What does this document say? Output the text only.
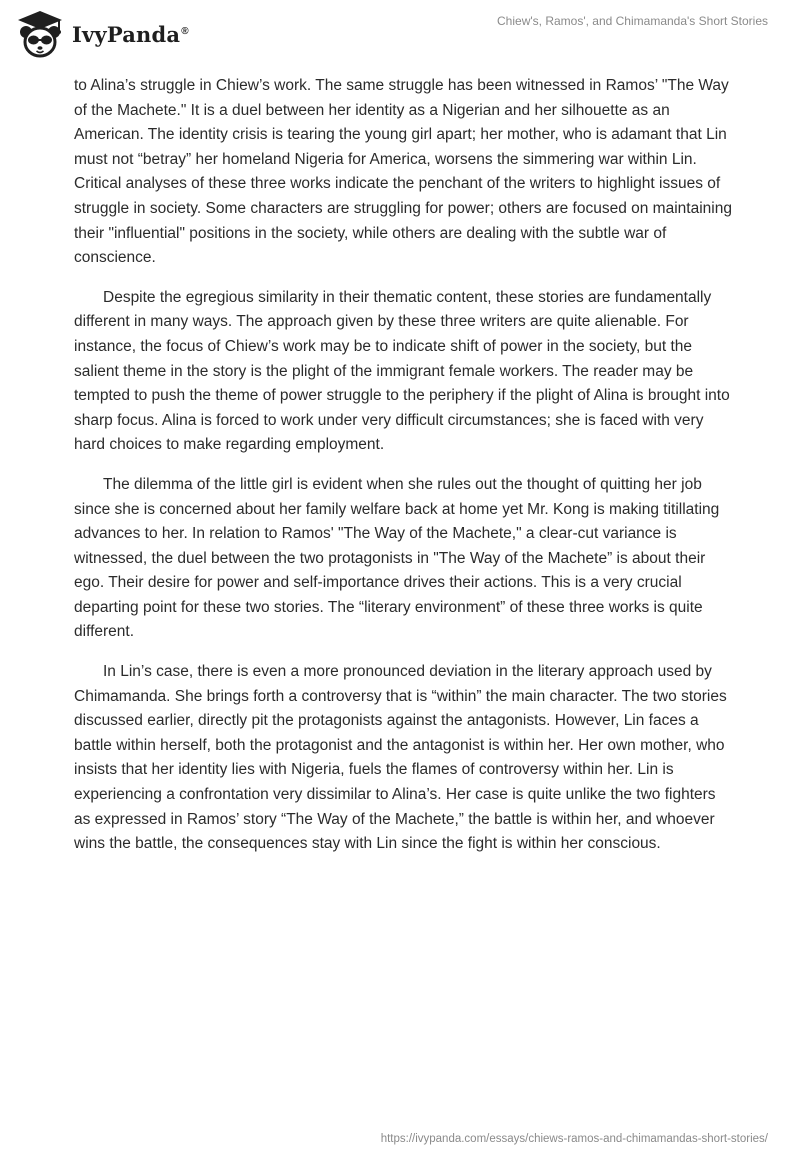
IvyPanda®
Chiew's, Ramos', and Chimamanda's Short Stories

to Alina’s struggle in Chiew’s work. The same struggle has been witnessed in Ramos’ "The Way of the Machete." It is a duel between her identity as a Nigerian and her silhouette as an American. The identity crisis is tearing the young girl apart; her mother, who is adamant that Lin must not “betray” her homeland Nigeria for America, worsens the simmering war within Lin. Critical analyses of these three works indicate the penchant of the writers to highlight issues of struggle in society. Some characters are struggling for power; others are focused on maintaining their "influential" positions in the society, while others are dealing with the subtle war of conscience.

Despite the egregious similarity in their thematic content, these stories are fundamentally different in many ways. The approach given by these three writers are quite alienable. For instance, the focus of Chiew’s work may be to indicate shift of power in the society, but the salient theme in the story is the plight of the immigrant female workers. The reader may be tempted to push the theme of power struggle to the periphery if the plight of Alina is brought into sharp focus. Alina is forced to work under very difficult circumstances; she is faced with very hard choices to make regarding employment.

The dilemma of the little girl is evident when she rules out the thought of quitting her job since she is concerned about her family welfare back at home yet Mr. Kong is making titillating advances to her. In relation to Ramos' "The Way of the Machete," a clear-cut variance is witnessed, the duel between the two protagonists in "The Way of the Machete” is about their ego. Their desire for power and self-importance drives their actions. This is a very crucial departing point for these two stories. The “literary environment” of these three works is quite different.

In Lin’s case, there is even a more pronounced deviation in the literary approach used by Chimamanda. She brings forth a controversy that is “within” the main character. The two stories discussed earlier, directly pit the protagonists against the antagonists. However, Lin faces a battle within herself, both the protagonist and the antagonist is within her. Her own mother, who insists that her identity lies with Nigeria, fuels the flames of controversy within her. Lin is experiencing a confrontation very dissimilar to Alina’s. Her case is quite unlike the two fighters as expressed in Ramos’ story “The Way of the Machete,” the battle is within her, and whoever wins the battle, the consequences stay with Lin since the fight is within her conscious.

https://ivypanda.com/essays/chiews-ramos-and-chimamandas-short-stories/
